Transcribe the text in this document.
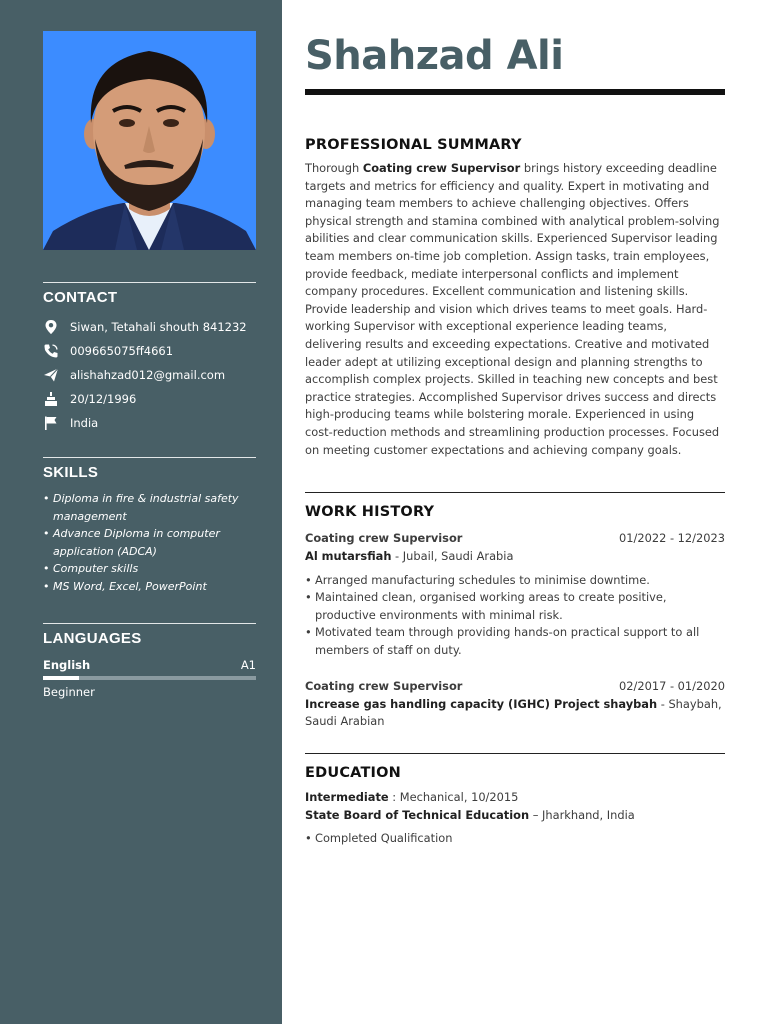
CONTACT
Siwan, Tetahali shouth 841232
009665075ff4661
alishahzad012@gmail.com
20/12/1996
India
SKILLS
• Diploma in fire & industrial safety management
• Advance Diploma in computer application (ADCA)
• Computer skills
• MS Word, Excel, PowerPoint
LANGUAGES
English	A1
Beginner
Shahzad Ali
PROFESSIONAL SUMMARY
Thorough Coating crew Supervisor brings history exceeding deadline targets and metrics for efficiency and quality. Expert in motivating and managing team members to achieve challenging objectives. Offers physical strength and stamina combined with analytical problem-solving abilities and clear communication skills. Experienced Supervisor leading team members on-time job completion. Assign tasks, train employees, provide feedback, mediate interpersonal conflicts and implement company procedures. Excellent communication and listening skills. Provide leadership and vision which drives teams to meet goals. Hard-working Supervisor with exceptional experience leading teams, delivering results and exceeding expectations. Creative and motivated leader adept at utilizing exceptional design and planning strengths to accomplish complex projects. Skilled in teaching new concepts and best practice strategies. Accomplished Supervisor drives success and directs high-producing teams while bolstering morale. Experienced in using cost-reduction methods and streamlining production processes. Focused on meeting customer expectations and achieving company goals.
WORK HISTORY
Coating crew Supervisor	01/2022 - 12/2023
Al mutarsfiah - Jubail, Saudi Arabia
• Arranged manufacturing schedules to minimise downtime.
• Maintained clean, organised working areas to create positive, productive environments with minimal risk.
• Motivated team through providing hands-on practical support to all members of staff on duty.
Coating crew Supervisor	02/2017 - 01/2020
Increase gas handling capacity (IGHC) Project shaybah - Shaybah, Saudi Arabian
EDUCATION
Intermediate : Mechanical, 10/2015
State Board of Technical Education – Jharkhand, India
• Completed Qualification
